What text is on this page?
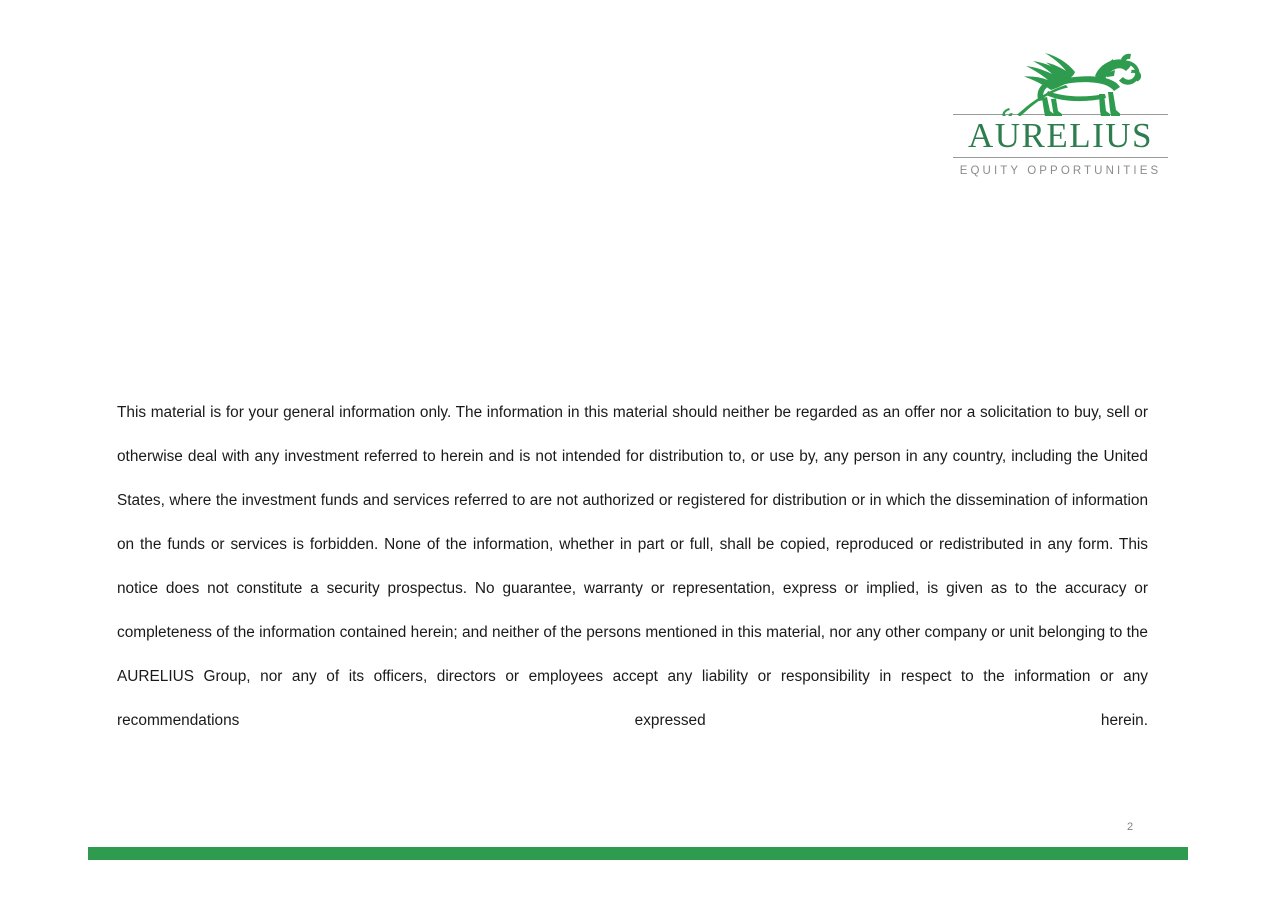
AURELIUS
EQUITY OPPORTUNITIES

This material is for your general information only. The information in this material should neither be regarded as an offer nor a solicitation to buy, sell or otherwise deal with any investment referred to herein and is not intended for distribution to, or use by, any person in any country, including the United States, where the investment funds and services referred to are not authorized or registered for distribution or in which the dissemination of information on the funds or services is forbidden. None of the information, whether in part or full, shall be copied, reproduced or redistributed in any form. This notice does not constitute a security prospectus. No guarantee, warranty or representation, express or implied, is given as to the accuracy or completeness of the information contained herein; and neither of the persons mentioned in this material, nor any other company or unit belonging to the AURELIUS Group, nor any of its officers, directors or employees accept any liability or responsibility in respect to the information or any recommendations expressed herein.

2
